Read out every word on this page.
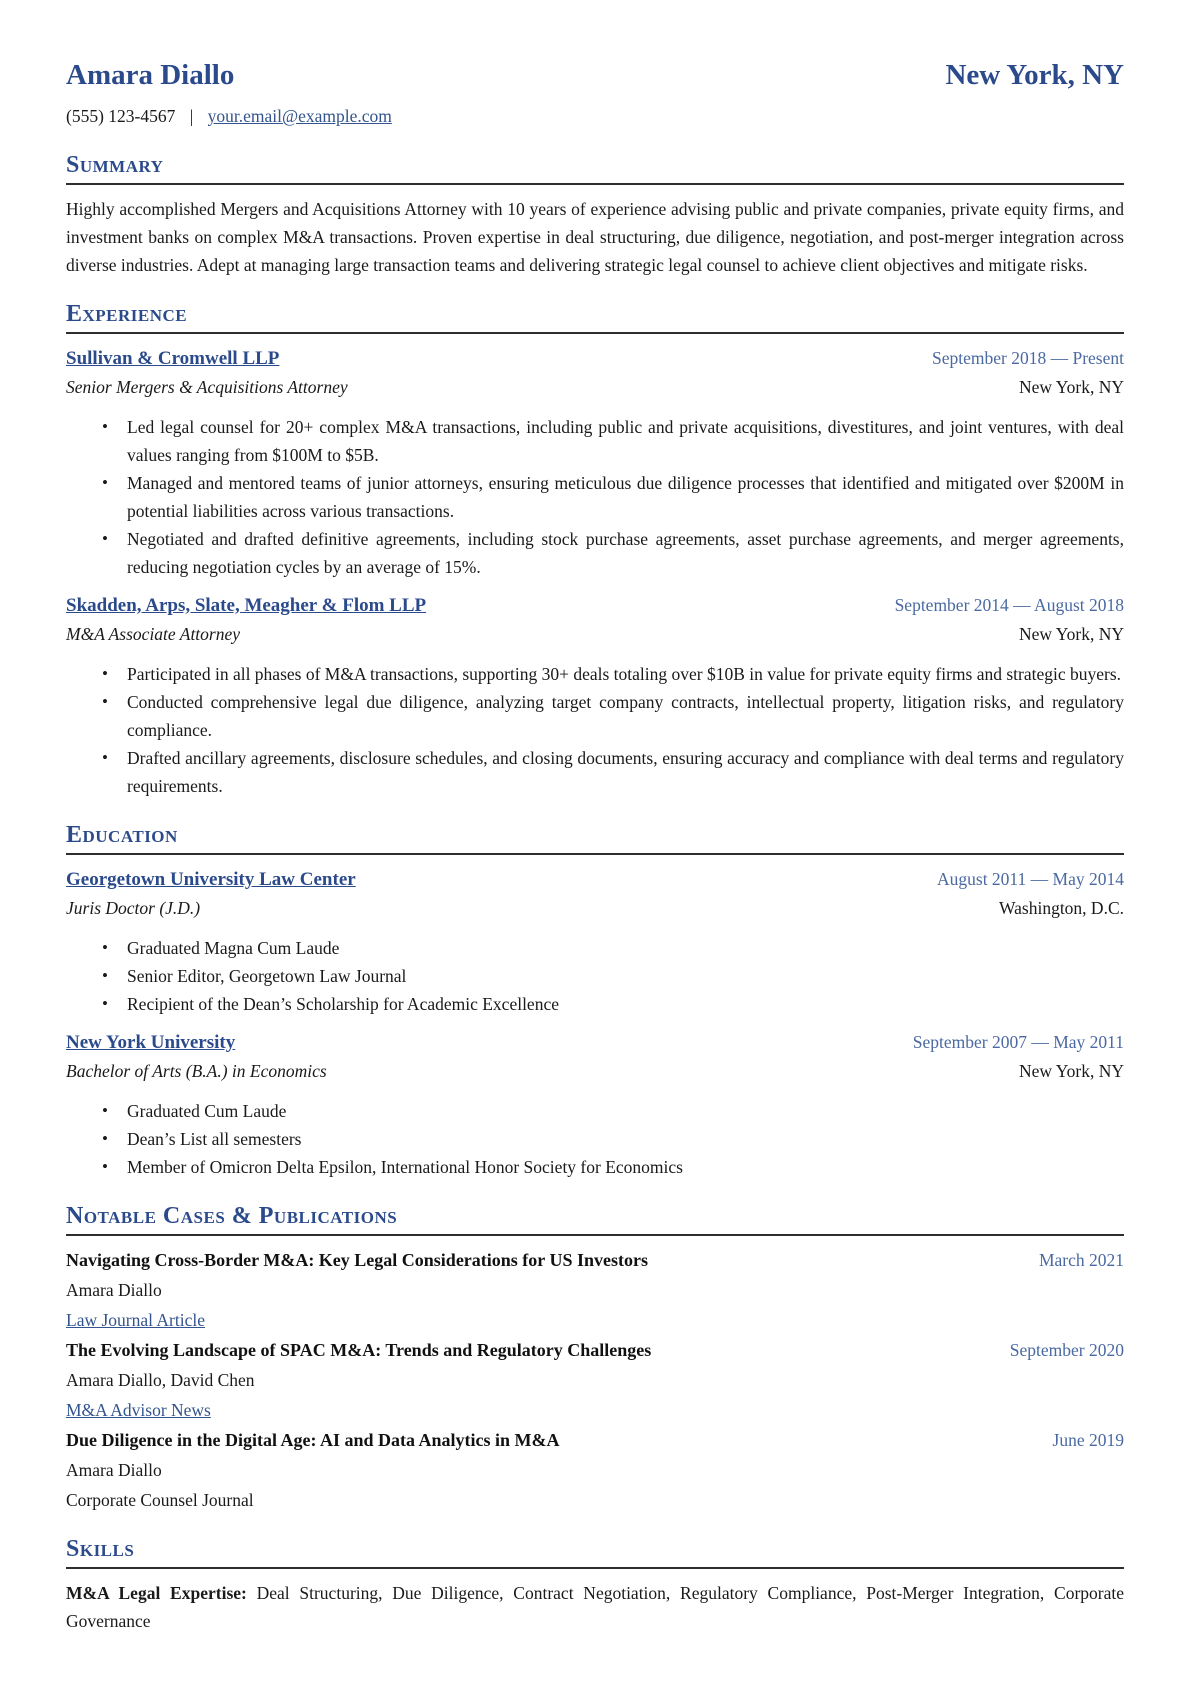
Amara Diallo	New York, NY
(555) 123-4567 | your.email@example.com
Summary

Highly accomplished Mergers and Acquisitions Attorney with 10 years of experience advising public and private companies, private equity firms, and investment banks on complex M&A transactions. Proven expertise in deal structuring, due diligence, negotiation, and post-merger integration across diverse industries. Adept at managing large transaction teams and delivering strategic legal counsel to achieve client objectives and mitigate risks.

Experience
Sullivan & Cromwell LLP	September 2018 — Present
Senior Mergers & Acquisitions Attorney	New York, NY
• Led legal counsel for 20+ complex M&A transactions, including public and private acquisitions, divestitures, and joint ventures, with deal values ranging from $100M to $5B.
• Managed and mentored teams of junior attorneys, ensuring meticulous due diligence processes that identified and mitigated over $200M in potential liabilities across various transactions.
• Negotiated and drafted definitive agreements, including stock purchase agreements, asset purchase agreements, and merger agreements, reducing negotiation cycles by an average of 15%.
Skadden, Arps, Slate, Meagher & Flom LLP	September 2014 — August 2018
M&A Associate Attorney	New York, NY
• Participated in all phases of M&A transactions, supporting 30+ deals totaling over $10B in value for private equity firms and strategic buyers.
• Conducted comprehensive legal due diligence, analyzing target company contracts, intellectual property, litigation risks, and regulatory compliance.
• Drafted ancillary agreements, disclosure schedules, and closing documents, ensuring accuracy and compliance with deal terms and regulatory requirements.
Education
Georgetown University Law Center	August 2011 — May 2014
Juris Doctor (J.D.)	Washington, D.C.
• Graduated Magna Cum Laude
• Senior Editor, Georgetown Law Journal
• Recipient of the Dean’s Scholarship for Academic Excellence
New York University	September 2007 — May 2011
Bachelor of Arts (B.A.) in Economics	New York, NY
• Graduated Cum Laude
• Dean’s List all semesters
• Member of Omicron Delta Epsilon, International Honor Society for Economics
Notable Cases & Publications
Navigating Cross-Border M&A: Key Legal Considerations for US Investors	March 2021
Amara Diallo
Law Journal Article
The Evolving Landscape of SPAC M&A: Trends and Regulatory Challenges	September 2020
Amara Diallo, David Chen
M&A Advisor News
Due Diligence in the Digital Age: AI and Data Analytics in M&A	June 2019
Amara Diallo
Corporate Counsel Journal
Skills

M&A Legal Expertise: Deal Structuring, Due Diligence, Contract Negotiation, Regulatory Compliance, Post-Merger Integration, Corporate Governance
